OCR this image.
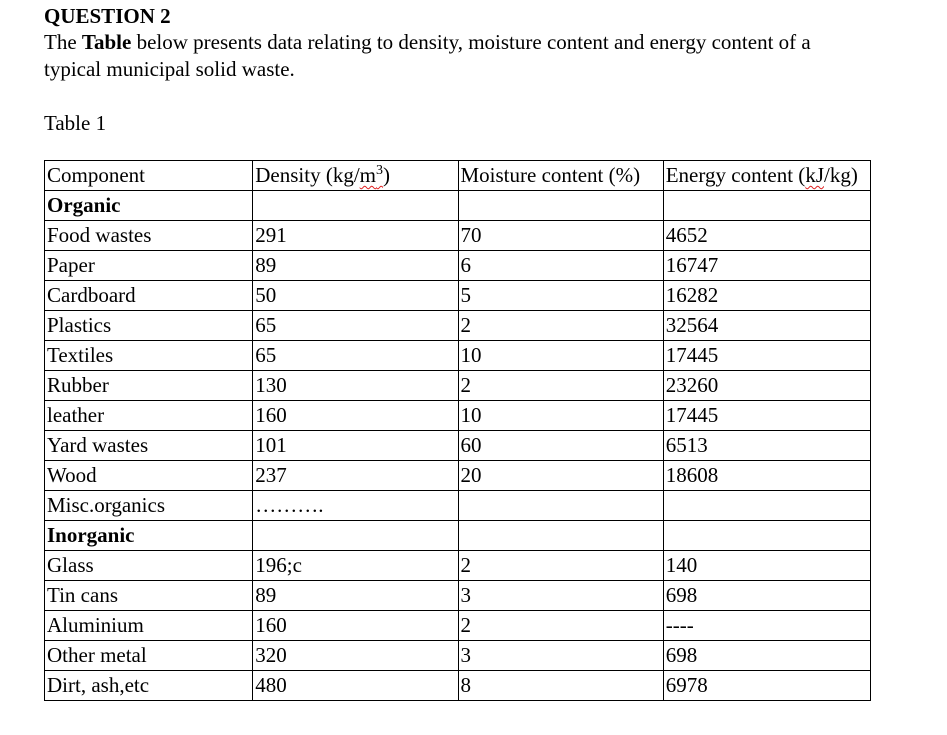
QUESTION 2

The Table below presents data relating to density, moisture content and energy content of a typical municipal solid waste.

Table 1

Component	Density $(kg/m^3)$	Moisture content (%)	Energy content (kJ/kg)
Organic			
Food wastes	291	70	4652
Paper	89	6	16747
Cardboard	50	5	16282
Plastics	65	2	32564
Textiles	65	10	17445
Rubber	130	2	23260
leather	160	10	17445
Yard wastes	101	60	6513
Wood	237	20	18608
Misc.organics	……….		
Inorganic			
Glass	196;c	2	140
Tin cans	89	3	698
Aluminium	160	2	----
Other metal	320	3	698
Dirt, ash,etc	480	8	6978
